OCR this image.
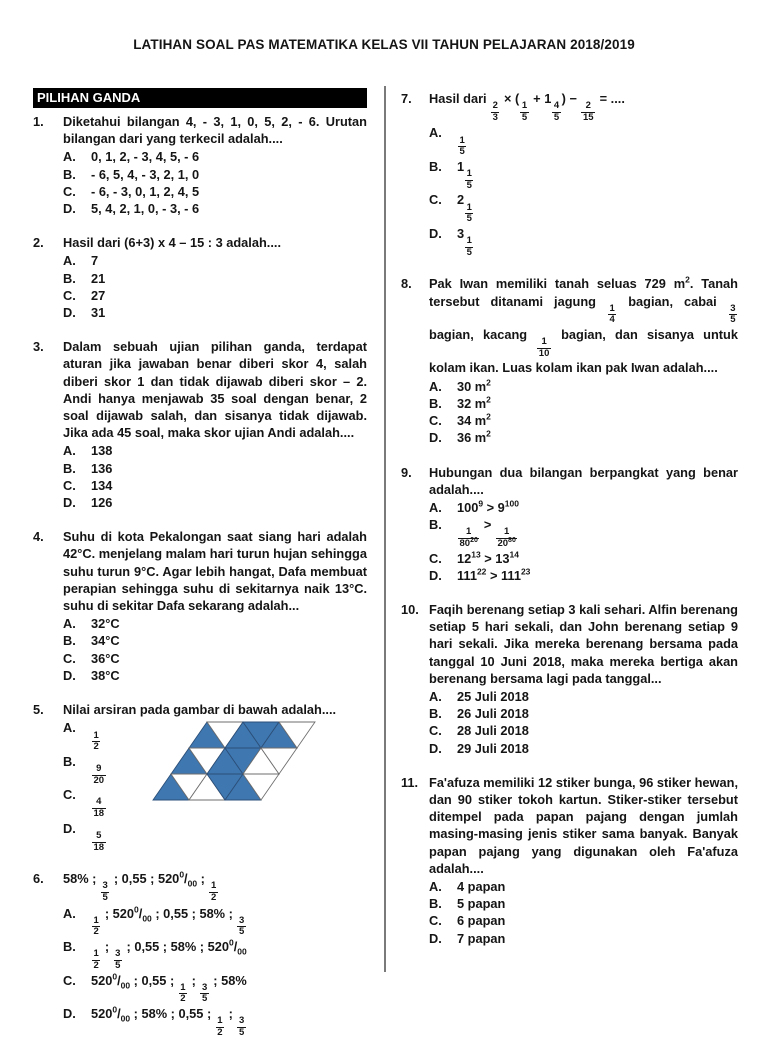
LATIHAN SOAL PAS MATEMATIKA KELAS VII TAHUN PELAJARAN 2018/2019
PILIHAN GANDA
1.	Diketahui bilangan 4, - 3, 1, 0, 5, 2, - 6. Urutan bilangan dari yang terkecil adalah....
A.	0, 1, 2, - 3, 4, 5, - 6
B.	- 6, 5, 4, - 3, 2, 1, 0
C.	- 6, - 3, 0, 1, 2, 4, 5
D.	5, 4, 2, 1, 0, - 3, - 6
2.	Hasil dari (6+3) x 4 – 15 : 3 adalah....
A.	7
B.	21
C.	27
D.	31
3.	Dalam sebuah ujian pilihan ganda, terdapat aturan jika jawaban benar diberi skor 4, salah diberi skor 1 dan tidak dijawab diberi skor – 2. Andi hanya menjawab 35 soal dengan benar, 2 soal dijawab salah, dan sisanya tidak dijawab. Jika ada 45 soal, maka skor ujian Andi adalah....
A.	138
B.	136
C.	134
D.	126
4.	Suhu di kota Pekalongan saat siang hari adalah 42°C. menjelang malam hari turun hujan sehingga suhu turun 9°C. Agar lebih hangat, Dafa membuat perapian sehingga suhu di sekitarnya naik 13°C. suhu di sekitar Dafa sekarang adalah...
A.	32°C
B.	34°C
C.	36°C
D.	38°C
5.	Nilai arsiran pada gambar di bawah adalah....
A.
$\frac{1}{2}$
B.
$\frac{9}{20}$
C.
$\frac{4}{18}$
D.
$\frac{5}{18}$
6.	58% ;
$\frac{3}{5}$
; 0,55 ; $520^0/_{00}$ ;
$\frac{1}{2}$
A.
$\frac{1}{2}$
; $520^0/_{00}$ ; 0,55 ; 58% ;
$\frac{3}{5}$
B.
$\frac{1}{2}$
;
$\frac{3}{5}$
; 0,55 ; 58% ; $520^0/_{00}$
C.	$520^0/_{00}$ ; 0,55 ;
$\frac{1}{2}$
;
$\frac{3}{5}$
; 58%
D.	$520^0/_{00}$ ; 58% ; 0,55 ;
$\frac{1}{2}$
;
$\frac{3}{5}$
7.	Hasil dari
$\frac{2}{3}$
× (
$\frac{1}{5}$
+ 1
$\frac{4}{5}$
) −
$\frac{2}{15}$
= ....
A.
$\frac{1}{5}$
B.	1
$\frac{1}{5}$
C.	2
$\frac{1}{5}$
D.	3
$\frac{1}{5}$
8.	Pak Iwan memiliki tanah seluas 729 $m^2$. Tanah tersebut ditanami jagung
$\frac{1}{4}$
bagian, cabai
$\frac{3}{5}$
bagian, kacang
$\frac{1}{10}$
bagian, dan sisanya untuk kolam ikan. Luas kolam ikan pak Iwan adalah....
A.	30 $m^2$
B.	32 $m^2$
C.	34 $m^2$
D.	36 $m^2$
9.	Hubungan dua bilangan berpangkat yang benar adalah....
A.	$100^9 > 9^{100}$
B.
$\frac{1}{80^{20}}$
>
$\frac{1}{20^{80}}$
C.	$12^{13} > 13^{14}$
D.	$111^{22} > 111^{23}$
10. Faqih berenang setiap 3 kali sehari. Alfin berenang setiap 5 hari sekali, dan John berenang setiap 9 hari sekali. Jika mereka berenang bersama pada tanggal 10 Juni 2018, maka mereka bertiga akan berenang bersama lagi pada tanggal...
A.	25 Juli 2018
B.	26 Juli 2018
C.	28 Juli 2018
D.	29 Juli 2018
11. Fa'afuza memiliki 12 stiker bunga, 96 stiker hewan, dan 90 stiker tokoh kartun. Stiker-stiker tersebut ditempel pada papan pajang dengan jumlah masing-masing jenis stiker sama banyak. Banyak papan pajang yang digunakan oleh Fa'afuza adalah....
A.	4 papan
B.	5 papan
C.	6 papan
D.	7 papan
